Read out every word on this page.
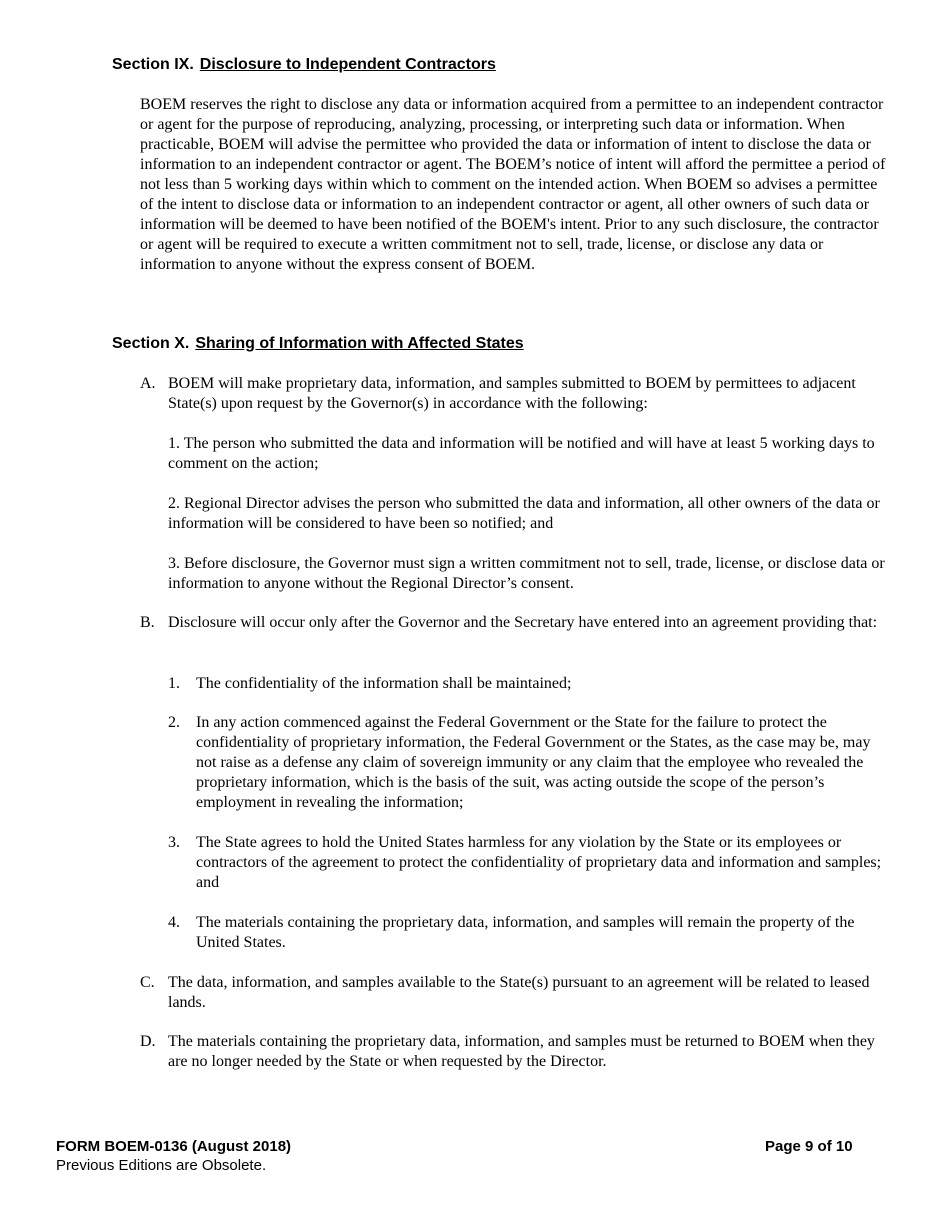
Section IX. Disclosure to Independent Contractors
BOEM reserves the right to disclose any data or information acquired from a permittee to an independent contractor or agent for the purpose of reproducing, analyzing, processing, or interpreting such data or information. When practicable, BOEM will advise the permittee who provided the data or information of intent to disclose the data or information to an independent contractor or agent. The BOEM’s notice of intent will afford the permittee a period of not less than 5 working days within which to comment on the intended action. When BOEM so advises a permittee of the intent to disclose data or information to an independent contractor or agent, all other owners of such data or information will be deemed to have been notified of the BOEM's intent. Prior to any such disclosure, the contractor or agent will be required to execute a written commitment not to sell, trade, license, or disclose any data or information to anyone without the express consent of BOEM.
Section X. Sharing of Information with Affected States
A. BOEM will make proprietary data, information, and samples submitted to BOEM by permittees to adjacent State(s) upon request by the Governor(s) in accordance with the following:
1. The person who submitted the data and information will be notified and will have at least 5 working days to comment on the action;
2. Regional Director advises the person who submitted the data and information, all other owners of the data or information will be considered to have been so notified; and
3. Before disclosure, the Governor must sign a written commitment not to sell, trade, license, or disclose data or information to anyone without the Regional Director’s consent.
B. Disclosure will occur only after the Governor and the Secretary have entered into an agreement providing that:
1. The confidentiality of the information shall be maintained;
2. In any action commenced against the Federal Government or the State for the failure to protect the confidentiality of proprietary information, the Federal Government or the States, as the case may be, may not raise as a defense any claim of sovereign immunity or any claim that the employee who revealed the proprietary information, which is the basis of the suit, was acting outside the scope of the person’s employment in revealing the information;
3. The State agrees to hold the United States harmless for any violation by the State or its employees or contractors of the agreement to protect the confidentiality of proprietary data and information and samples; and
4. The materials containing the proprietary data, information, and samples will remain the property of the United States.
C. The data, information, and samples available to the State(s) pursuant to an agreement will be related to leased lands.
D. The materials containing the proprietary data, information, and samples must be returned to BOEM when they are no longer needed by the State or when requested by the Director.
FORM BOEM-0136 (August 2018)
Previous Editions are Obsolete.
Page 9 of 10
